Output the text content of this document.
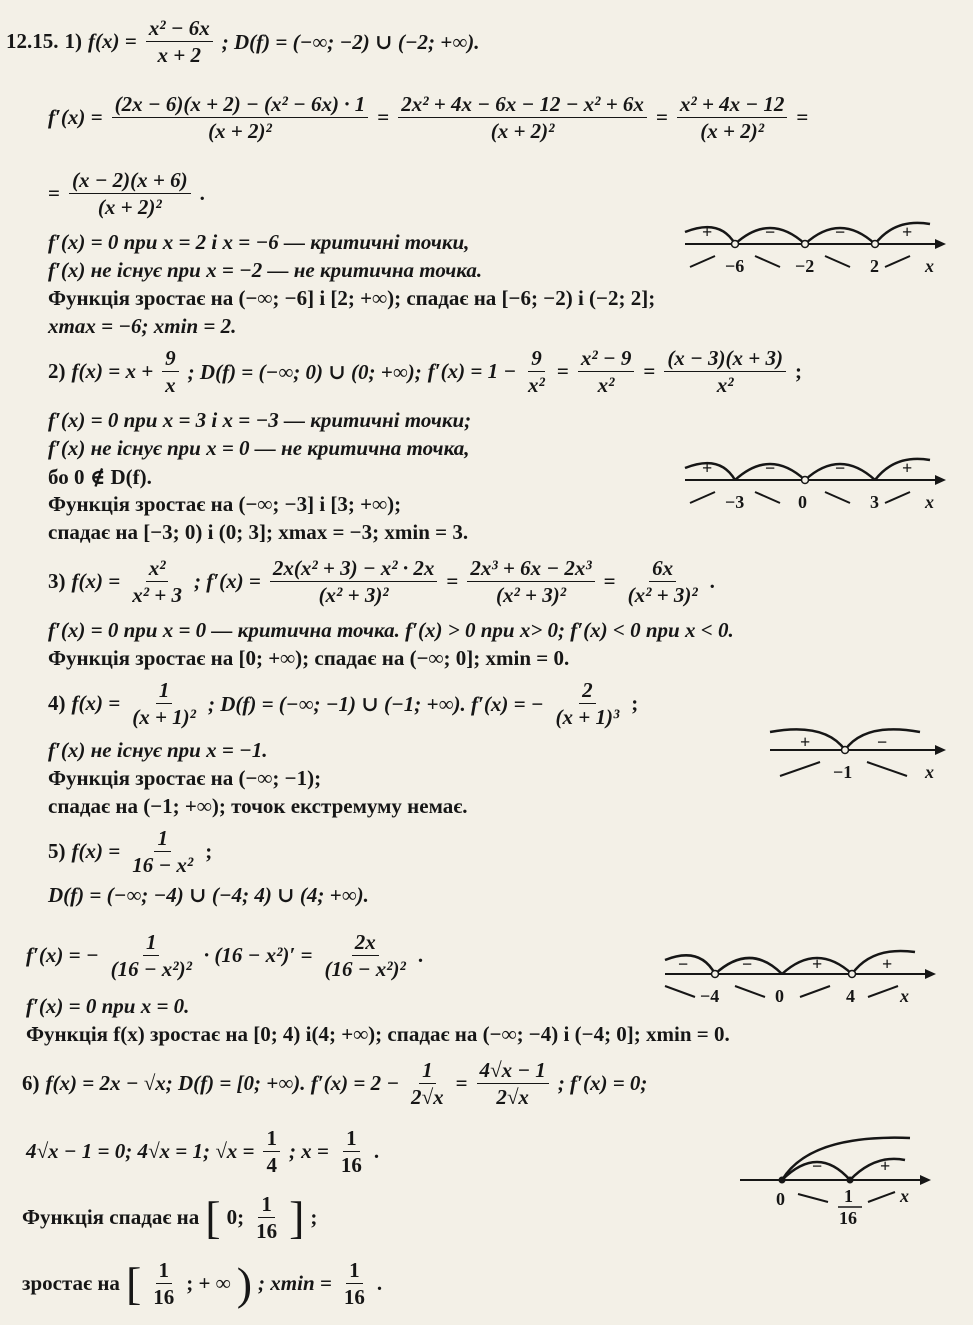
12.15. 1) $f(x) = \frac{\text{x² − 6x}}{x + 2}$ ; D(f) = (−∞; −2) ∪ (−2; +∞).
$f'(x) = \frac{\text{(2x − 6)(x + 2) − (x² − 6x) · 1}}{\text{(x + 2)²}} = \frac{\text{2x² + 4x − 6x − 12 − x² + 6x}}{\text{(x + 2)²}} = \frac{\text{x² + 4x − 12}}{\text{(x + 2)²}}$ =
= $\frac{(x - 2)(x + 6)}{\text{(x + 2)²}}$ .
f′(x) = 0 при x = 2 і x = −6 — критичні точки,
f′(x) не існує при x = −2 — не критична точка.
Функція зростає на (−∞; −6] і [2; +∞); спадає на [−6; −2) і (−2; 2];
xmax = −6; xmin = 2.
+	−	−	+
−6	−2	2	x
2) $f(x) = x + \frac{9}{x}$ ; D(f) = (−∞; 0) ∪ (0; +∞); $f'(x) = 1 - \frac{9}{\text{x²}} = \frac{\text{x² − 9}}{\text{x²}} = \frac{(x - 3)(x + 3)}{\text{x²}}$ ;
f′(x) = 0 при x = 3 і x = −3 — критичні точки;
f′(x) не існує при x = 0 — не критична точка,
бо 0 ∉ D(f).
Функція зростає на (−∞; −3] і [3; +∞);
спадає на [−3; 0) і (0; 3]; xmax = −3; xmin = 3.
+	−	−	+
−3	0	3	x
3) $f(x) = \frac{\text{x²}}{\text{x² + 3}}$ ; $f'(x) = \frac{\text{2x(x² + 3) − x² · 2x}}{\text{(x² + 3)²}} = \frac{\text{2x³ + 6x − 2x³}}{\text{(x² + 3)²}} = \frac{6x}{\text{(x² + 3)²}}$ .
f′(x) = 0 при x = 0 — критична точка. f′(x) > 0 при x> 0; f′(x) < 0 при x < 0.
Функція зростає на [0; +∞); спадає на (−∞; 0]; xmin = 0.
4) $f(x) = \frac{1}{\text{(x + 1)²}}$ ; D(f) = (−∞; −1) ∪ (−1; +∞). f′(x) = − $\frac{2}{\text{(x + 1)³}}$ ;
f′(x) не існує при x = −1.
Функція зростає на (−∞; −1);
спадає на (−1; +∞); точок екстремуму немає.
+	−
−1	x
5) $f(x) = \frac{1}{\text{16 − x²}}$ ;
D(f) = (−∞; −4) ∪ (−4; 4) ∪ (4; +∞).
f′(x) = − $\frac{1}{\text{(16 − x²)²}} \cdot (16 - x^2)' = \frac{2x}{\text{(16 − x²)²}}$ .
f′(x) = 0 при x = 0.
Функція f(x) зростає на [0; 4) і(4; +∞); спадає на (−∞; −4) і (−4; 0]; xmin = 0.
−	−	+	+
−4	0	4	x
6) f(x) = 2x − √x; D(f) = [0; +∞). $f'(x) = 2 - \frac{1}{2√x} = \frac{4√x - 1}{2√x}$ ; f′(x) = 0;
4√x − 1 = 0; 4√x = 1; $√x = \frac{1}{4}$ ; $x = \frac{1}{16}$ .
Функція спадає на [ 0; $\frac{1}{16}$ ] ;
зростає на [ $\frac{1}{16}$ ; + ∞ ) ; $xmin = \frac{1}{16}$ .
−	+
0	1
16
x
